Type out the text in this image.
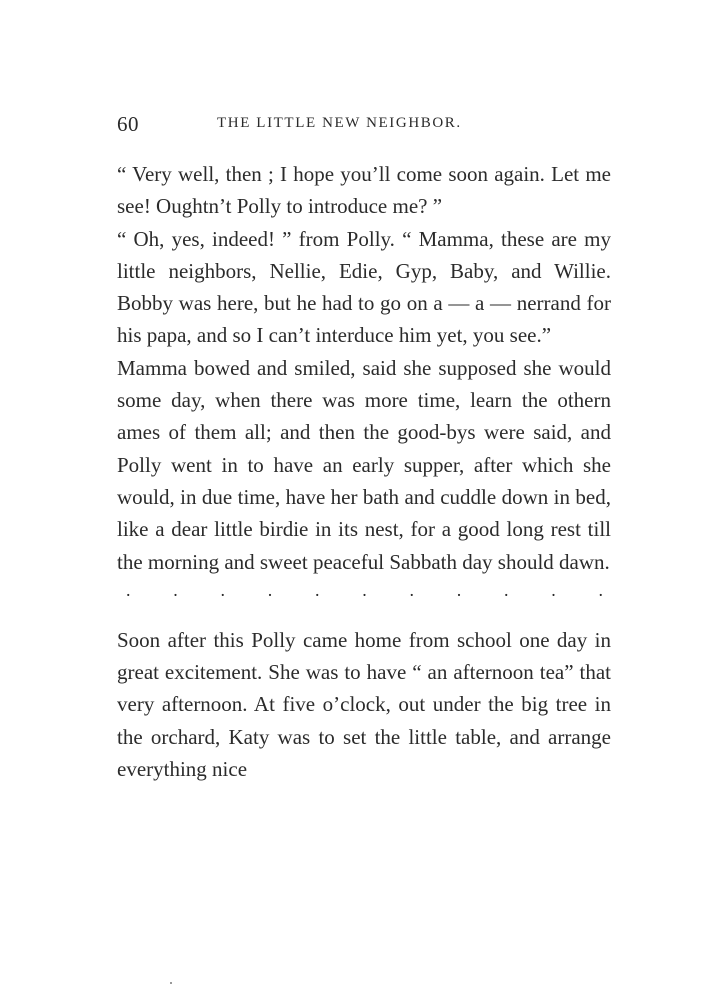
60	THE LITTLE NEW NEIGHBOR.

“ Very well, then ; I hope you’ll come soon again. Let me see! Oughtn’t Polly to introduce me? ”

“ Oh, yes, indeed! ” from Polly. “ Mamma, these are my little neighbors, Nellie, Edie, Gyp, Baby, and Willie. Bobby was here, but he had to go on a — a — nerrand for his papa, and so I can’t interduce him yet, you see.”

Mamma bowed and smiled, said she supposed she would some day, when there was more time, learn the othern ames of them all; and then the good-bys were said, and Polly went in to have an early supper, after which she would, in due time, have her bath and cuddle down in bed, like a dear little birdie in its nest, for a good long rest till the morning and sweet peaceful Sabbath day should dawn.

. . . . . . . . . . .

Soon after this Polly came home from school one day in great excitement. She was to have “ an afternoon tea” that very afternoon. At five o’clock, out under the big tree in the orchard, Katy was to set the little table, and arrange everything nice
